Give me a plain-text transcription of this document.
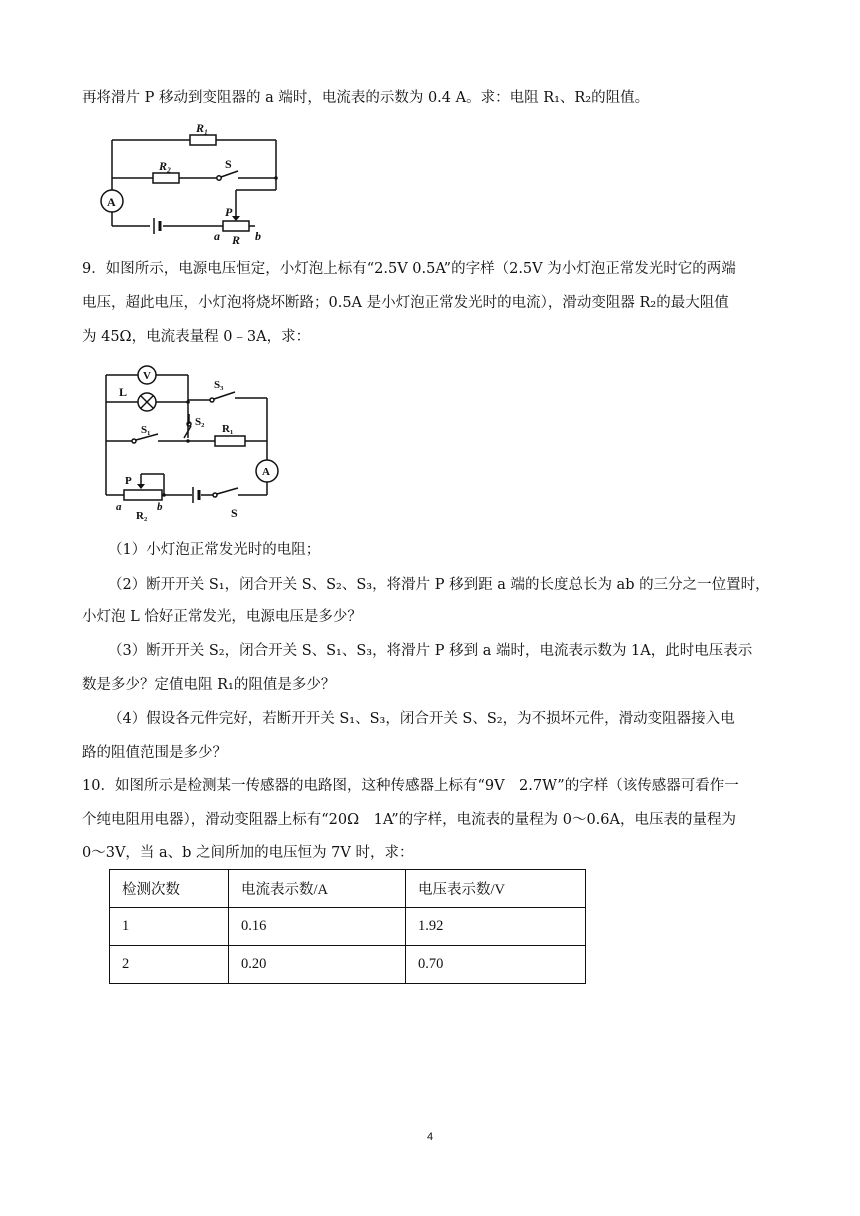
再将滑片 P 移动到变阻器的 a 端时，电流表的示数为 0.4 A。求：电阻 R₁、R₂的阻值。
R₁
R₂	S
A
P
a R b
9．如图所示，电源电压恒定，小灯泡上标有“2.5V 0.5A”的字样（2.5V 为小灯泡正常发光时它的两端
电压，超此电压，小灯泡将烧坏断路；0.5A 是小灯泡正常发光时的电流），滑动变阻器 R₂的最大阻值
为 45Ω，电流表量程 0﹣3A，求：
V
L	S₃
S₂
S₁	R₁
A
P
a
R₂
b	S
（1）小灯泡正常发光时的电阻；
（2）断开开关 S₁，闭合开关 S、S₂、S₃，将滑片 P 移到距 a 端的长度总长为 ab 的三分之一位置时，
小灯泡 L 恰好正常发光，电源电压是多少？
（3）断开开关 S₂，闭合开关 S、S₁、S₃，将滑片 P 移到 a 端时，电流表示数为 1A，此时电压表示
数是多少？定值电阻 R₁的阻值是多少？
（4）假设各元件完好，若断开开关 S₁、S₃，闭合开关 S、S₂，为不损坏元件，滑动变阻器接入电
路的阻值范围是多少？
10．如图所示是检测某一传感器的电路图，这种传感器上标有“9V　2.7W”的字样（该传感器可看作一
个纯电阻用电器），滑动变阻器上标有“20Ω　1A”的字样，电流表的量程为 0～0.6A，电压表的量程为
0～3V，当 a、b 之间所加的电压恒为 7V 时，求：
检测次数	电流表示数/A	电压表示数/V
1	0.16	1.92
2	0.20	0.70
4
